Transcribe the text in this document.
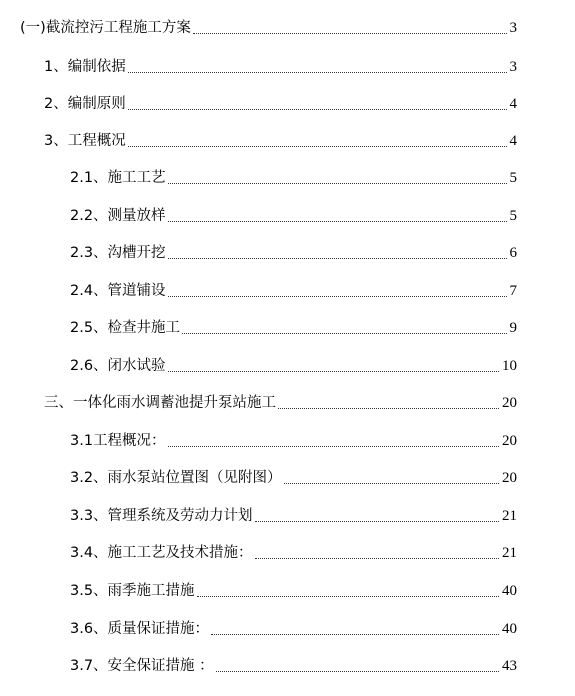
(一)截流控污工程施工方案	3
1、编制依据	3
2、编制原则	4
3、工程概况	4
2.1、施工工艺	5
2.2、测量放样	5
2.3、沟槽开挖	6
2.4、管道铺设	7
2.5、检查井施工	9
2.6、闭水试验	10
三、一体化雨水调蓄池提升泵站施工	20
3.1工程概况：	20
3.2、雨水泵站位置图（见附图）	20
3.3、管理系统及劳动力计划	21
3.4、施工工艺及技术措施：	21
3.5、雨季施工措施	40
3.6、质量保证措施：	40
3.7、安全保证措施 ：	43
